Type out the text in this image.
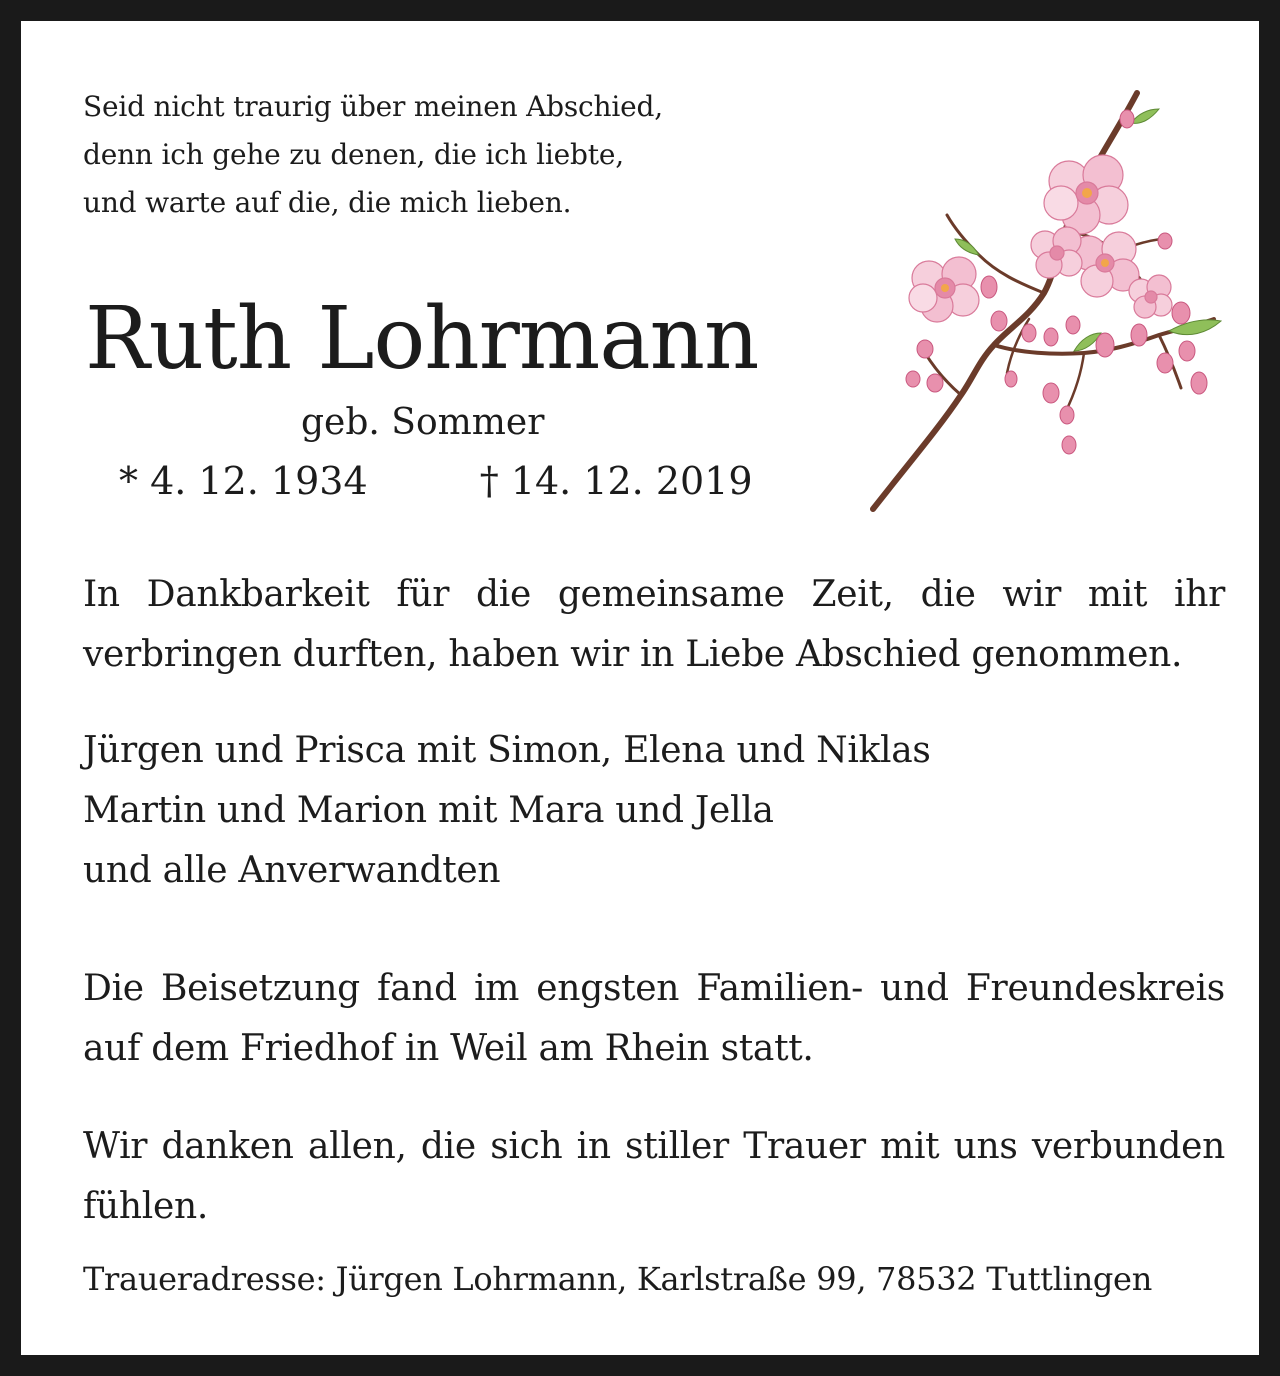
Seid nicht traurig über meinen Abschied,
denn ich gehe zu denen, die ich liebte,
und warte auf die, die mich lieben.
Ruth Lohrmann
geb. Sommer
* 4. 12. 1934	† 14. 12. 2019
In Dankbarkeit für die gemeinsame Zeit, die wir mit ihr verbringen durften, haben wir in Liebe Abschied genommen.
Jürgen und Prisca mit Simon, Elena und Niklas
Martin und Marion mit Mara und Jella
und alle Anverwandten
Die Beisetzung fand im engsten Familien- und Freundeskreis auf dem Friedhof in Weil am Rhein statt.
Wir danken allen, die sich in stiller Trauer mit uns verbunden fühlen.
Traueradresse: Jürgen Lohrmann, Karlstraße 99, 78532 Tuttlingen
